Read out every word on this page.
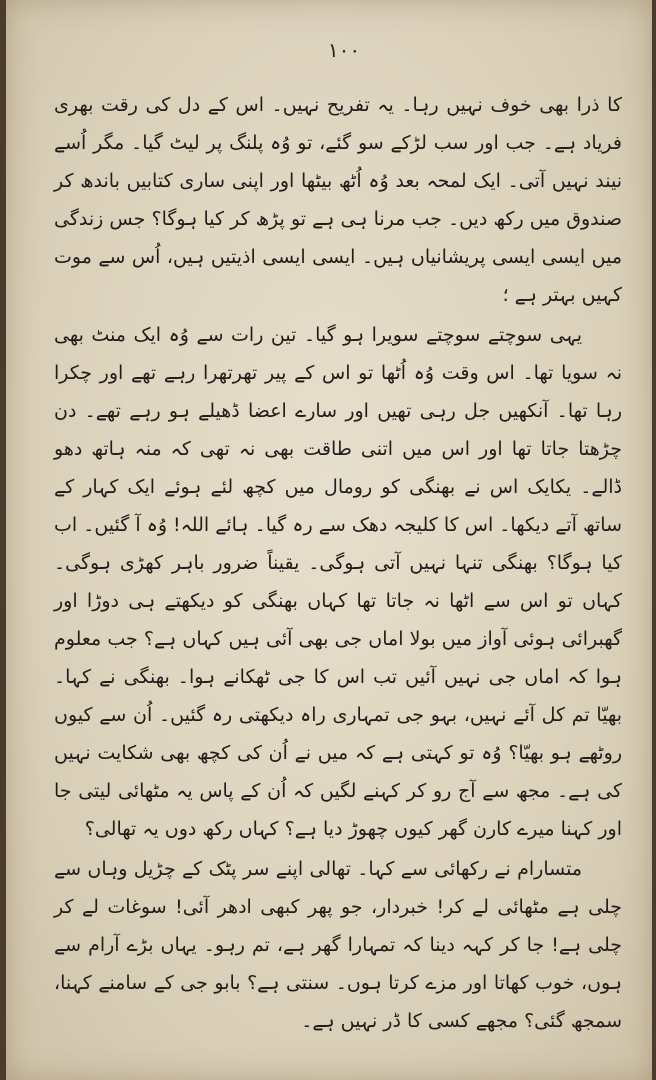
۱۰۰

کا ذرا بھی خوف نہیں رہا۔ یہ تفریح نہیں۔ اس کے دل کی رقت بھری فریاد ہے۔ جب اور سب لڑکے سو گئے، تو وُہ پلنگ پر لیٹ گیا۔ مگر اُسے نیند نہیں آتی۔ ایک لمحہ بعد وُہ اُٹھ بیٹھا اور اپنی ساری کتابیں باندھ کر صندوق میں رکھ دیں۔ جب مرنا ہی ہے تو پڑھ کر کیا ہوگا؟ جس زندگی میں ایسی ایسی پریشانیاں ہیں۔ ایسی ایسی اذیتیں ہیں، اُس سے موت کہیں بہتر ہے ؛

یہی سوچتے سوچتے سویرا ہو گیا۔ تین رات سے وُہ ایک منٹ بھی نہ سویا تھا۔ اس وقت وُہ اُٹھا تو اس کے پیر تھرتھرا رہے تھے اور چکرا رہا تھا۔ آنکھیں جل رہی تھیں اور سارے اعضا ڈھیلے ہو رہے تھے۔ دن چڑھتا جاتا تھا اور اس میں اتنی طاقت بھی نہ تھی کہ منہ ہاتھ دھو ڈالے۔ یکایک اس نے بھنگی کو رومال میں کچھ لئے ہوئے ایک کہار کے ساتھ آتے دیکھا۔ اس کا کلیجہ دھک سے رہ گیا۔ ہائے اللہ! وُہ آ گئیں۔ اب کیا ہوگا؟ بھنگی تنہا نہیں آتی ہوگی۔ یقیناً ضرور باہر کھڑی ہوگی۔ کہاں تو اس سے اٹھا نہ جاتا تھا کہاں بھنگی کو دیکھتے ہی دوڑا اور گھبرائی ہوئی آواز میں بولا اماں جی بھی آئی ہیں کہاں ہے؟ جب معلوم ہوا کہ اماں جی نہیں آئیں تب اس کا جی ٹھکانے ہوا۔ بھنگی نے کہا۔ بھیّا تم کل آئے نہیں، بہو جی تمہاری راہ دیکھتی رہ گئیں۔ اُن سے کیوں روٹھے ہو بھیّا؟ وُہ تو کہتی ہے کہ میں نے اُن کی کچھ بھی شکایت نہیں کی ہے۔ مجھ سے آج رو کر کہنے لگیں کہ اُن کے پاس یہ مٹھائی لیتی جا اور کہنا میرے کارن گھر کیوں چھوڑ دیا ہے؟ کہاں رکھ دوں یہ تھالی؟

متسارام نے رکھائی سے کہا۔ تھالی اپنے سر پٹک کے چڑیل وہاں سے چلی ہے مٹھائی لے کر! خبردار، جو پھر کبھی ادھر آئی! سوغات لے کر چلی ہے! جا کر کہہ دینا کہ تمہارا گھر ہے، تم رہو۔ یہاں بڑے آرام سے ہوں، خوب کھاتا اور مزے کرتا ہوں۔ سنتی ہے؟ بابو جی کے سامنے کہنا، سمجھ گئی؟ مجھے کسی کا ڈر نہیں ہے۔
